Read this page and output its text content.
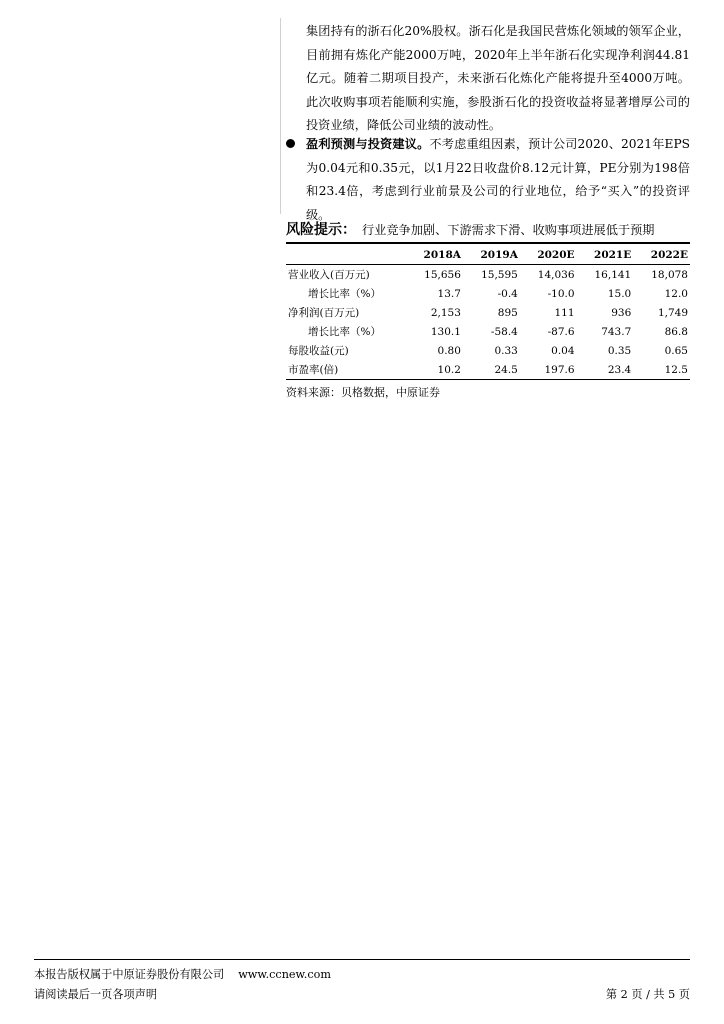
集团持有的浙石化20%股权。浙石化是我国民营炼化领域的领军企业，目前拥有炼化产能2000万吨，2020年上半年浙石化实现净利润44.81亿元。随着二期项目投产，未来浙石化炼化产能将提升至4000万吨。此次收购事项若能顺利实施，参股浙石化的投资收益将显著增厚公司的投资业绩，降低公司业绩的波动性。

盈利预测与投资建议。不考虑重组因素，预计公司2020、2021年EPS为0.04元和0.35元，以1月22日收盘价8.12元计算，PE分别为198倍和23.4倍，考虑到行业前景及公司的行业地位，给予“买入”的投资评级。

风险提示： 行业竞争加剧、下游需求下滑、收购事项进展低于预期
	2018A	2019A	2020E	2021E	2022E
营业收入(百万元)	15,656	15,595	14,036	16,141	18,078
增长比率（%）	13.7	-0.4	-10.0	15.0	12.0
净利润(百万元)	2,153	895	111	936	1,749
增长比率（%）	130.1	-58.4	-87.6	743.7	86.8
每股收益(元)	0.80	0.33	0.04	0.35	0.65
市盈率(倍)	10.2	24.5	197.6	23.4	12.5
资料来源：贝格数据，中原证券
本报告版权属于中原证券股份有限公司 www.ccnew.com
请阅读最后一页各项声明	第 2 页 / 共 5 页
